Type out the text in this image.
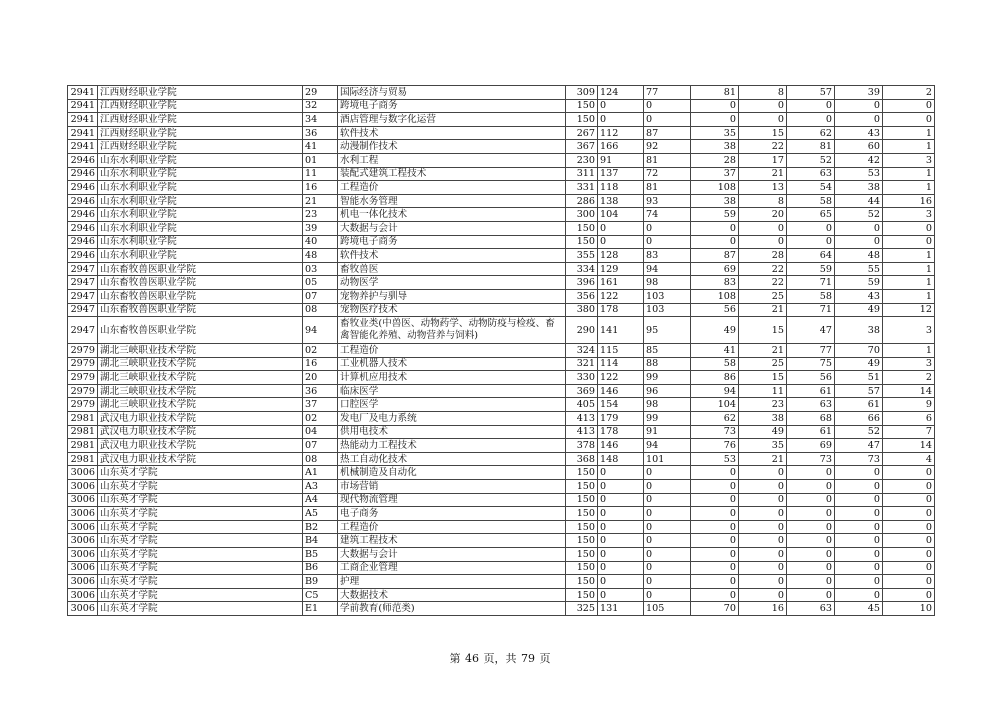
2941	江西财经职业学院	29	国际经济与贸易	309	124	77	81	8	57	39	2
2941	江西财经职业学院	32	跨境电子商务	150	0	0	0	0	0	0	0
2941	江西财经职业学院	34	酒店管理与数字化运营	150	0	0	0	0	0	0	0
2941	江西财经职业学院	36	软件技术	267	112	87	35	15	62	43	1
2941	江西财经职业学院	41	动漫制作技术	367	166	92	38	22	81	60	1
2946	山东水利职业学院	01	水利工程	230	91	81	28	17	52	42	3
2946	山东水利职业学院	11	装配式建筑工程技术	311	137	72	37	21	63	53	1
2946	山东水利职业学院	16	工程造价	331	118	81	108	13	54	38	1
2946	山东水利职业学院	21	智能水务管理	286	138	93	38	8	58	44	16
2946	山东水利职业学院	23	机电一体化技术	300	104	74	59	20	65	52	3
2946	山东水利职业学院	39	大数据与会计	150	0	0	0	0	0	0	0
2946	山东水利职业学院	40	跨境电子商务	150	0	0	0	0	0	0	0
2946	山东水利职业学院	48	软件技术	355	128	83	87	28	64	48	1
2947	山东畜牧兽医职业学院	03	畜牧兽医	334	129	94	69	22	59	55	1
2947	山东畜牧兽医职业学院	05	动物医学	396	161	98	83	22	71	59	1
2947	山东畜牧兽医职业学院	07	宠物养护与驯导	356	122	103	108	25	58	43	1
2947	山东畜牧兽医职业学院	08	宠物医疗技术	380	178	103	56	21	71	49	12
2947	山东畜牧兽医职业学院	94	畜牧业类(中兽医、动物药学、动物防疫与检疫、畜禽智能化养殖、动物营养与饲料)	290	141	95	49	15	47	38	3
2979	湖北三峡职业技术学院	02	工程造价	324	115	85	41	21	77	70	1
2979	湖北三峡职业技术学院	16	工业机器人技术	321	114	88	58	25	75	49	3
2979	湖北三峡职业技术学院	20	计算机应用技术	330	122	99	86	15	56	51	2
2979	湖北三峡职业技术学院	36	临床医学	369	146	96	94	11	61	57	14
2979	湖北三峡职业技术学院	37	口腔医学	405	154	98	104	23	63	61	9
2981	武汉电力职业技术学院	02	发电厂及电力系统	413	179	99	62	38	68	66	6
2981	武汉电力职业技术学院	04	供用电技术	413	178	91	73	49	61	52	7
2981	武汉电力职业技术学院	07	热能动力工程技术	378	146	94	76	35	69	47	14
2981	武汉电力职业技术学院	08	热工自动化技术	368	148	101	53	21	73	73	4
3006	山东英才学院	A1	机械制造及自动化	150	0	0	0	0	0	0	0
3006	山东英才学院	A3	市场营销	150	0	0	0	0	0	0	0
3006	山东英才学院	A4	现代物流管理	150	0	0	0	0	0	0	0
3006	山东英才学院	A5	电子商务	150	0	0	0	0	0	0	0
3006	山东英才学院	B2	工程造价	150	0	0	0	0	0	0	0
3006	山东英才学院	B4	建筑工程技术	150	0	0	0	0	0	0	0
3006	山东英才学院	B5	大数据与会计	150	0	0	0	0	0	0	0
3006	山东英才学院	B6	工商企业管理	150	0	0	0	0	0	0	0
3006	山东英才学院	B9	护理	150	0	0	0	0	0	0	0
3006	山东英才学院	C5	大数据技术	150	0	0	0	0	0	0	0
3006	山东英才学院	E1	学前教育(师范类)	325	131	105	70	16	63	45	10
第 46 页，共 79 页
